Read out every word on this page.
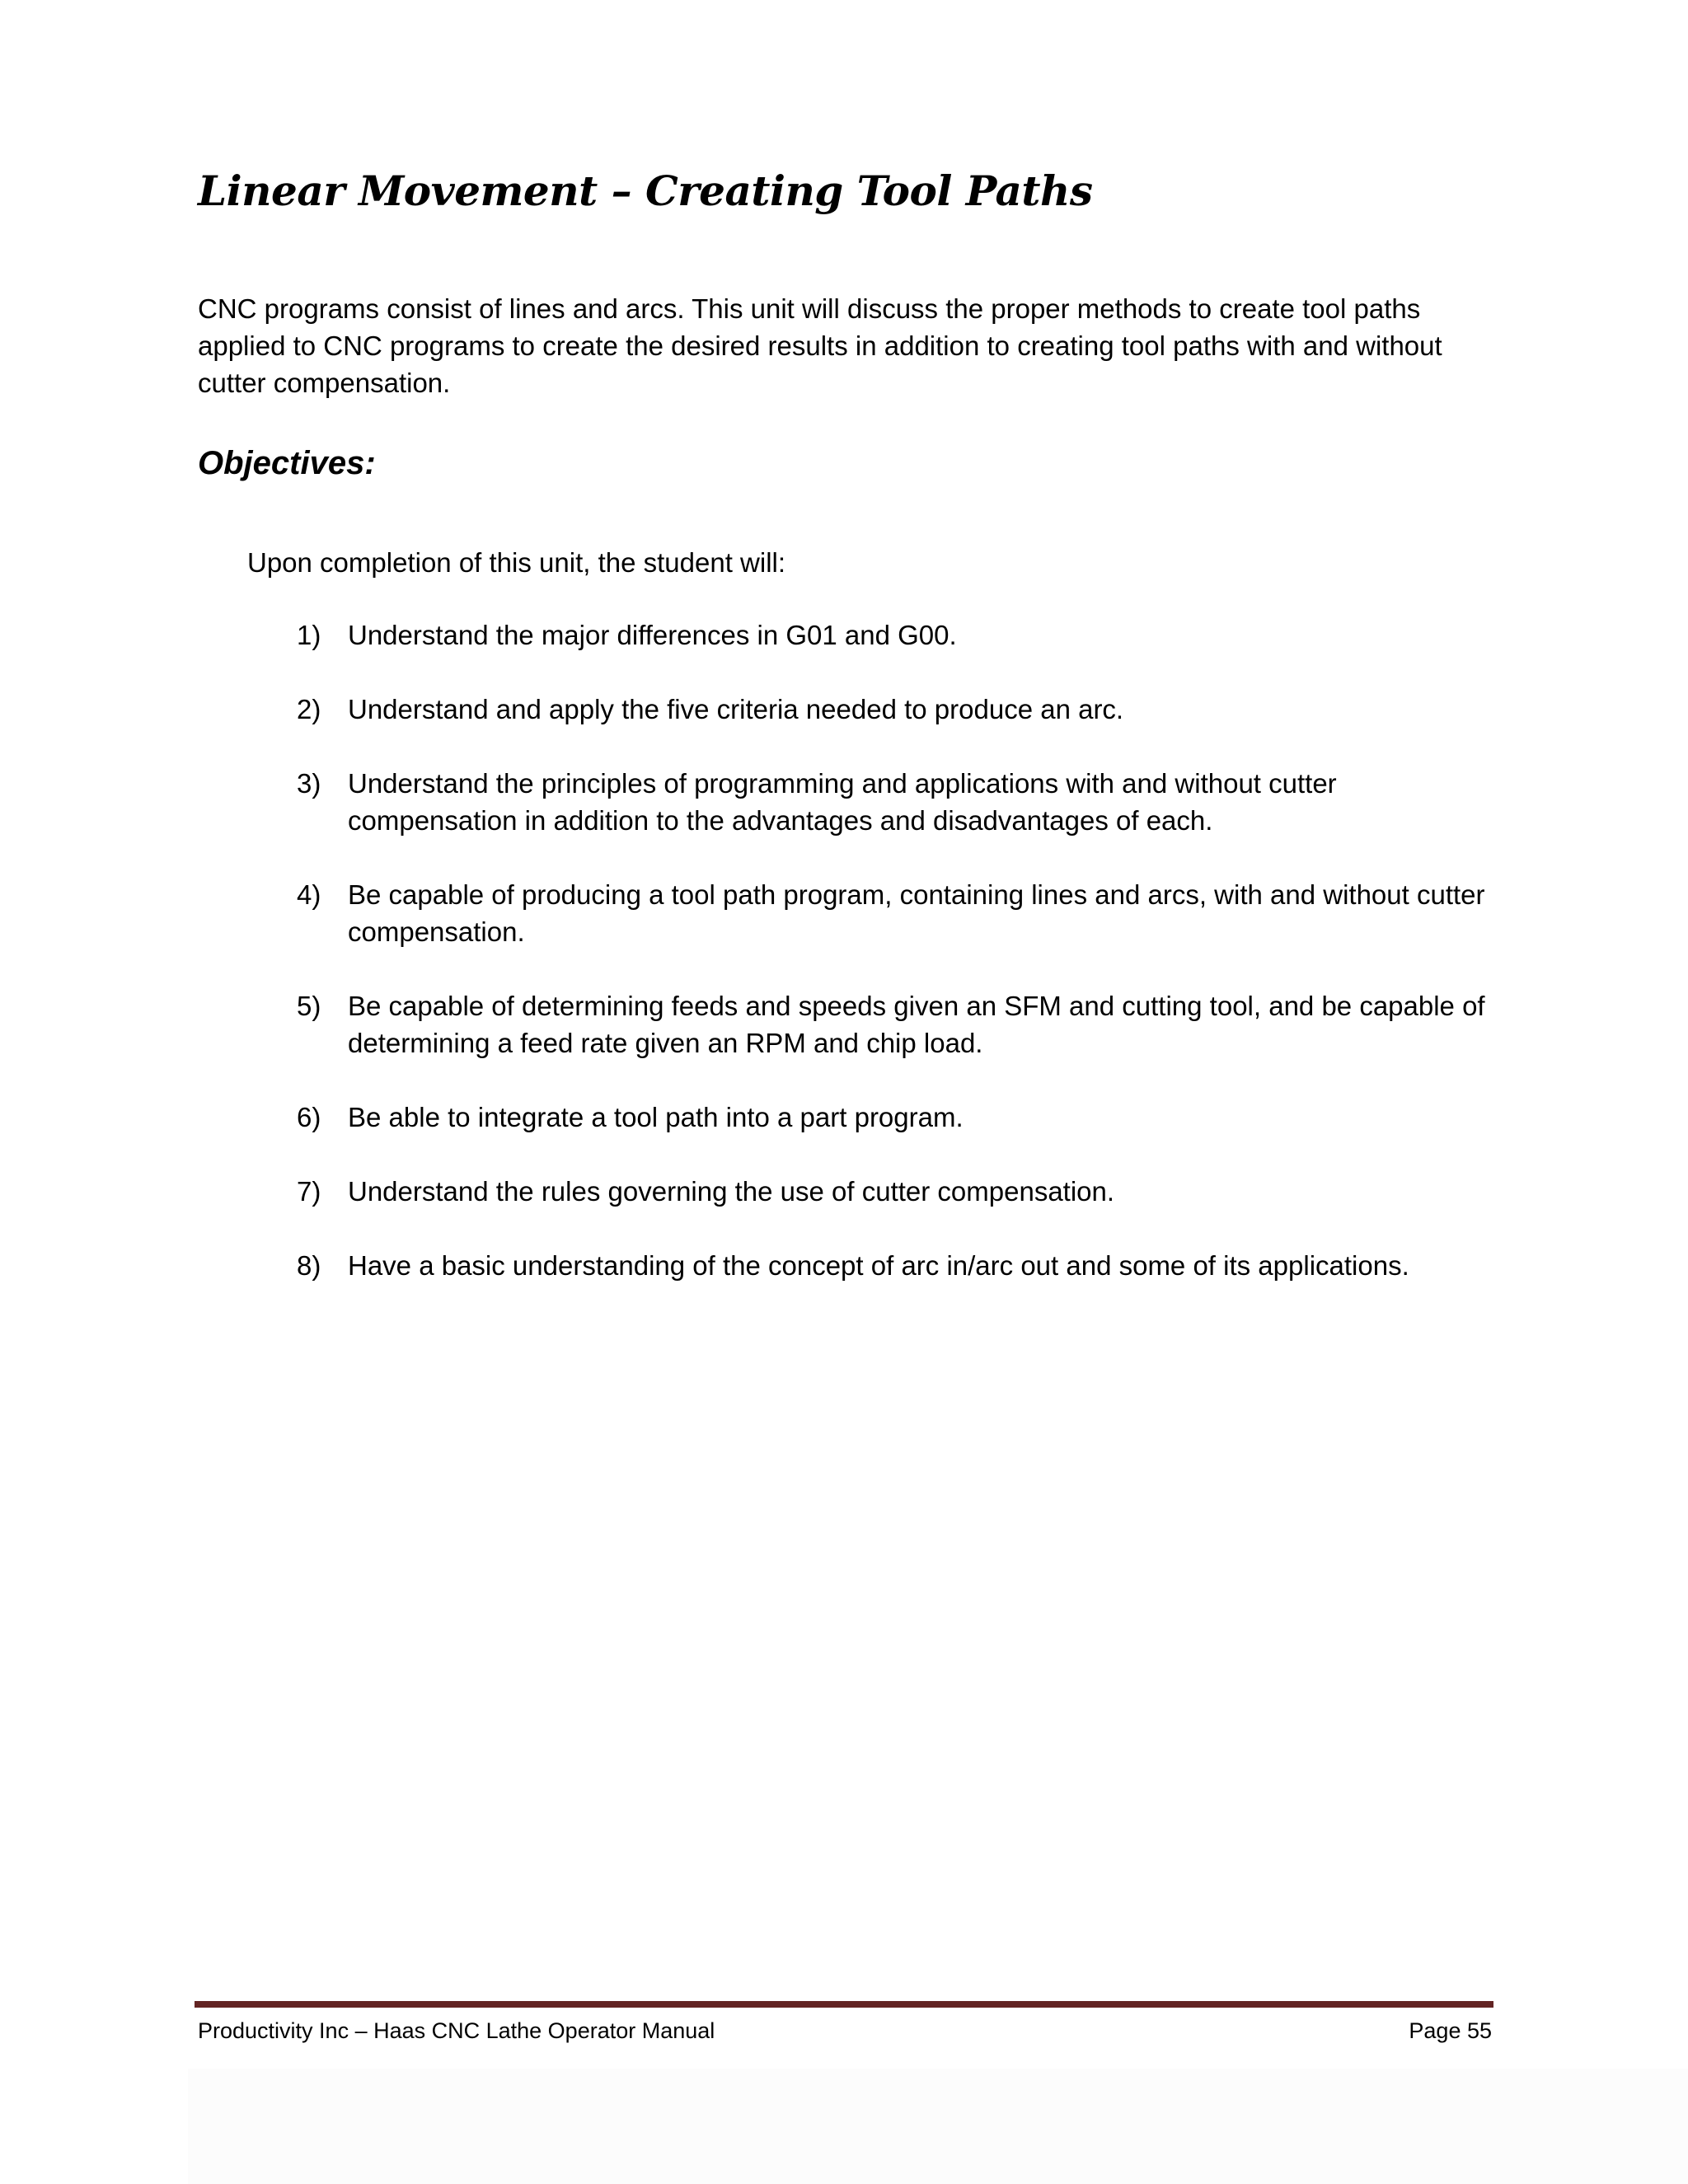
Linear Movement – Creating Tool Paths

CNC programs consist of lines and arcs. This unit will discuss the proper methods to create tool paths applied to CNC programs to create the desired results in addition to creating tool paths with and without cutter compensation.

Objectives:

Upon completion of this unit, the student will:

1) Understand the major differences in G01 and G00.
2) Understand and apply the five criteria needed to produce an arc.
3) Understand the principles of programming and applications with and without cutter compensation in addition to the advantages and disadvantages of each.
4) Be capable of producing a tool path program, containing lines and arcs, with and without cutter compensation.
5) Be capable of determining feeds and speeds given an SFM and cutting tool, and be capable of determining a feed rate given an RPM and chip load.
6) Be able to integrate a tool path into a part program.
7) Understand the rules governing the use of cutter compensation.
8) Have a basic understanding of the concept of arc in/arc out and some of its applications.
Productivity Inc – Haas CNC Lathe Operator Manual	Page 55
